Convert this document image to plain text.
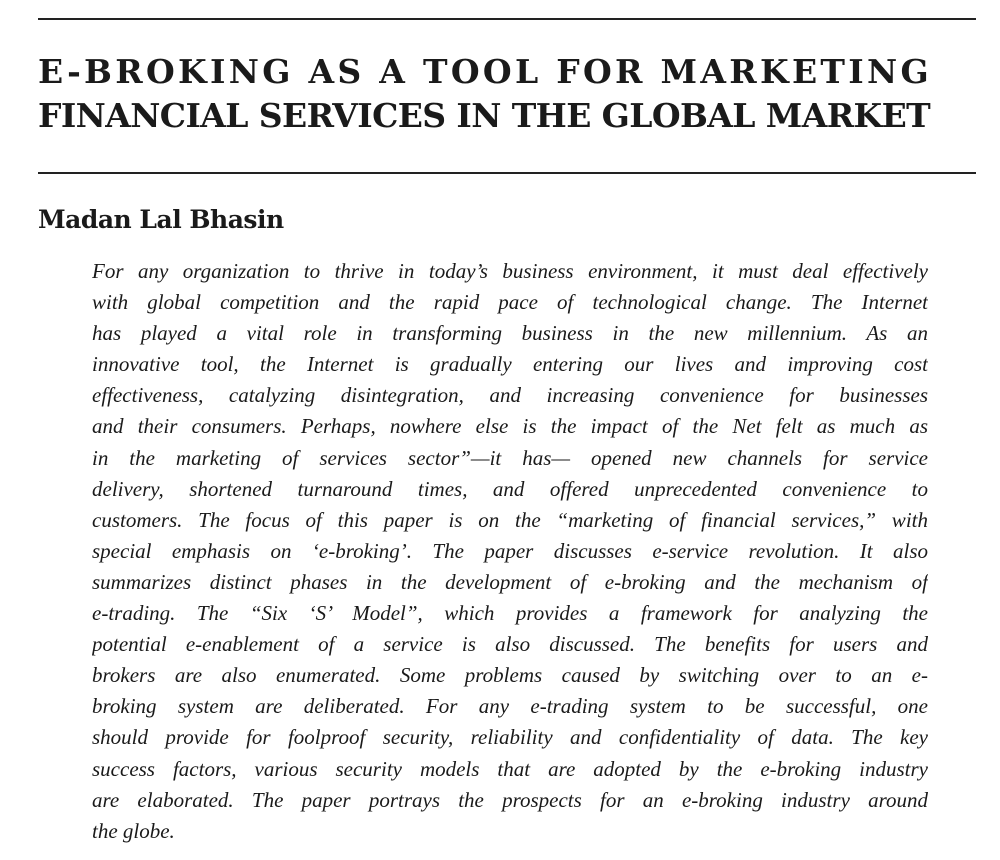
E-BROKING AS A TOOL FOR MARKETING
FINANCIAL SERVICES IN THE GLOBAL MARKET

Madan Lal Bhasin

For any organization to thrive in today’s business environment, it must deal effectively
with global competition and the rapid pace of technological change. The Internet
has played a vital role in transforming business in the new millennium. As an
innovative tool, the Internet is gradually entering our lives and improving cost
effectiveness, catalyzing disintegration, and increasing convenience for businesses
and their consumers. Perhaps, nowhere else is the impact of the Net felt as much as
in the marketing of services sector”—it has— opened new channels for service
delivery, shortened turnaround times, and offered unprecedented convenience to
customers. The focus of this paper is on the “marketing of financial services,” with
special emphasis on ‘e-broking’. The paper discusses e-service revolution. It also
summarizes distinct phases in the development of e-broking and the mechanism of
e-trading. The “Six ‘S’ Model”, which provides a framework for analyzing the
potential e-enablement of a service is also discussed. The benefits for users and
brokers are also enumerated. Some problems caused by switching over to an e-
broking system are deliberated. For any e-trading system to be successful, one
should provide for foolproof security, reliability and confidentiality of data. The key
success factors, various security models that are adopted by the e-broking industry
are elaborated. The paper portrays the prospects for an e-broking industry around
the globe.
